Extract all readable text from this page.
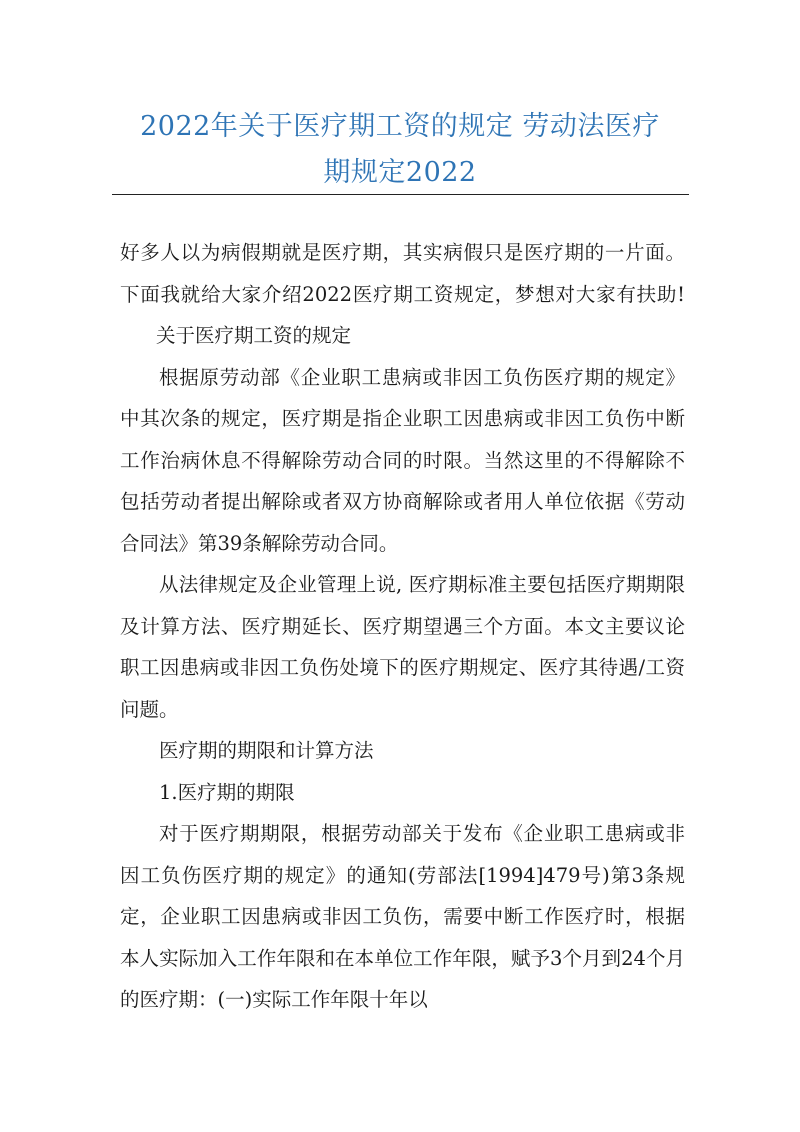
2022年关于医疗期工资的规定 劳动法医疗
期规定2022

好多人以为病假期就是医疗期，其实病假只是医疗期的一片面。下面我就给大家介绍2022医疗期工资规定，梦想对大家有扶助!关于医疗期工资的规定

根据原劳动部《企业职工患病或非因工负伤医疗期的规定》中其次条的规定，医疗期是指企业职工因患病或非因工负伤中断工作治病休息不得解除劳动合同的时限。当然这里的不得解除不包括劳动者提出解除或者双方协商解除或者用人单位依据《劳动合同法》第39条解除劳动合同。

从法律规定及企业管理上说, 医疗期标准主要包括医疗期期限及计算方法、医疗期延长、医疗期望遇三个方面。本文主要议论职工因患病或非因工负伤处境下的医疗期规定、医疗其待遇/工资问题。

医疗期的期限和计算方法

1.医疗期的期限

对于医疗期期限，根据劳动部关于发布《企业职工患病或非因工负伤医疗期的规定》的通知(劳部法[1994]479号)第3条规定，企业职工因患病或非因工负伤，需要中断工作医疗时，根据本人实际加入工作年限和在本单位工作年限，赋予3个月到24个月的医疗期：(一)实际工作年限十年以
